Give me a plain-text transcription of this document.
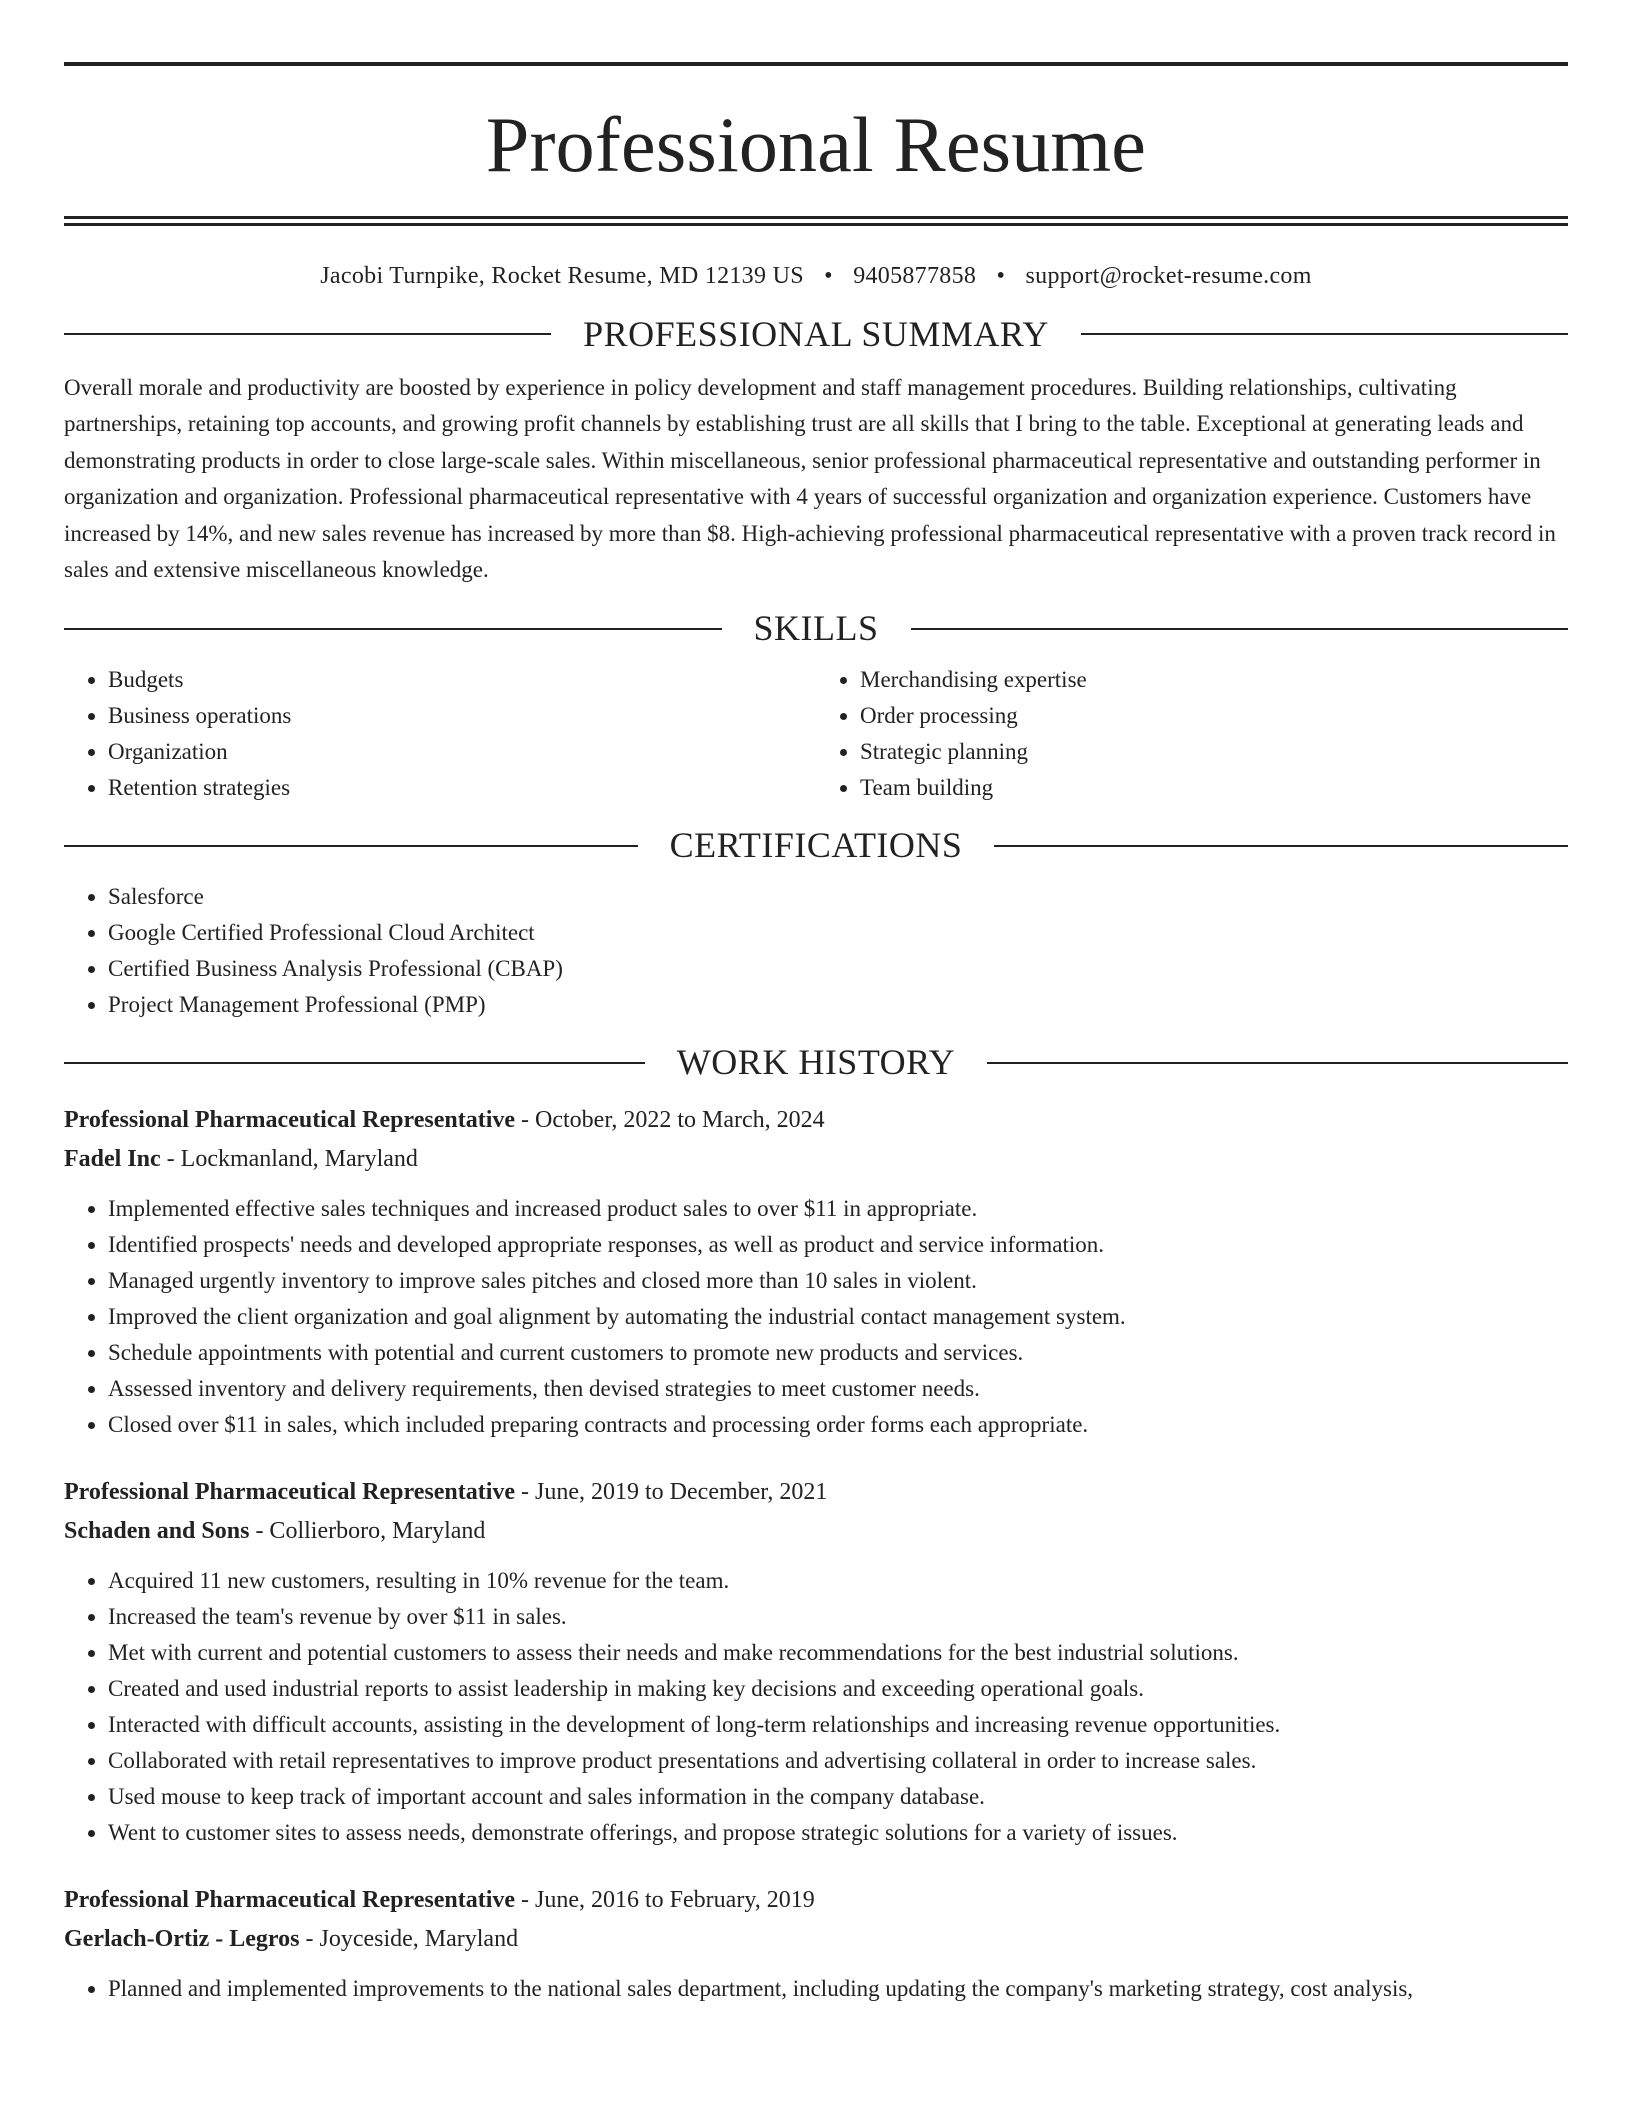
Professional Resume
Jacobi Turnpike, Rocket Resume, MD 12139 US • 9405877858 • support@rocket-resume.com
PROFESSIONAL SUMMARY

Overall morale and productivity are boosted by experience in policy development and staff management procedures. Building relationships, cultivating partnerships, retaining top accounts, and growing profit channels by establishing trust are all skills that I bring to the table. Exceptional at generating leads and demonstrating products in order to close large-scale sales. Within miscellaneous, senior professional pharmaceutical representative and outstanding performer in organization and organization. Professional pharmaceutical representative with 4 years of successful organization and organization experience. Customers have increased by 14%, and new sales revenue has increased by more than $8. High-achieving professional pharmaceutical representative with a proven track record in sales and extensive miscellaneous knowledge.

SKILLS
• Budgets
• Business operations
• Organization
• Retention strategies
• Merchandising expertise
• Order processing
• Strategic planning
• Team building
CERTIFICATIONS
• Salesforce
• Google Certified Professional Cloud Architect
• Certified Business Analysis Professional (CBAP)
• Project Management Professional (PMP)
WORK HISTORY
Professional Pharmaceutical Representative - October, 2022 to March, 2024
Fadel Inc - Lockmanland, Maryland
• Implemented effective sales techniques and increased product sales to over $11 in appropriate.
• Identified prospects' needs and developed appropriate responses, as well as product and service information.
• Managed urgently inventory to improve sales pitches and closed more than 10 sales in violent.
• Improved the client organization and goal alignment by automating the industrial contact management system.
• Schedule appointments with potential and current customers to promote new products and services.
• Assessed inventory and delivery requirements, then devised strategies to meet customer needs.
• Closed over $11 in sales, which included preparing contracts and processing order forms each appropriate.
Professional Pharmaceutical Representative - June, 2019 to December, 2021
Schaden and Sons - Collierboro, Maryland
• Acquired 11 new customers, resulting in 10% revenue for the team.
• Increased the team's revenue by over $11 in sales.
• Met with current and potential customers to assess their needs and make recommendations for the best industrial solutions.
• Created and used industrial reports to assist leadership in making key decisions and exceeding operational goals.
• Interacted with difficult accounts, assisting in the development of long-term relationships and increasing revenue opportunities.
• Collaborated with retail representatives to improve product presentations and advertising collateral in order to increase sales.
• Used mouse to keep track of important account and sales information in the company database.
• Went to customer sites to assess needs, demonstrate offerings, and propose strategic solutions for a variety of issues.
Professional Pharmaceutical Representative - June, 2016 to February, 2019
Gerlach-Ortiz - Legros - Joyceside, Maryland
• Planned and implemented improvements to the national sales department, including updating the company's marketing strategy, cost analysis,
